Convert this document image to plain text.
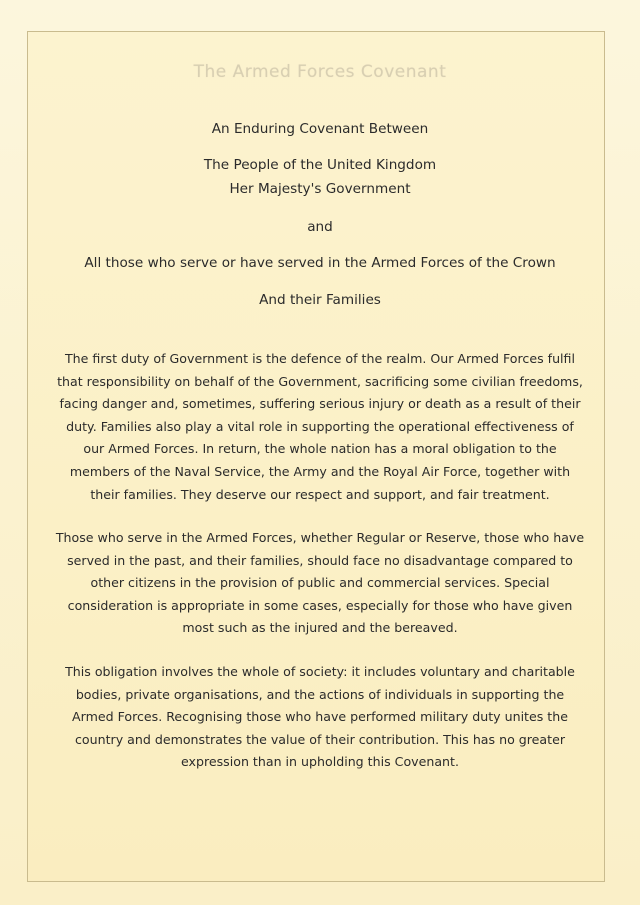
The Armed Forces Covenant
An Enduring Covenant Between
The People of the United Kingdom
Her Majesty's Government
and
All those who serve or have served in the Armed Forces of the Crown
And their Families
The first duty of Government is the defence of the realm. Our Armed Forces fulfil that responsibility on behalf of the Government, sacrificing some civilian freedoms, facing danger and, sometimes, suffering serious injury or death as a result of their duty. Families also play a vital role in supporting the operational effectiveness of our Armed Forces. In return, the whole nation has a moral obligation to the members of the Naval Service, the Army and the Royal Air Force, together with their families. They deserve our respect and support, and fair treatment.
Those who serve in the Armed Forces, whether Regular or Reserve, those who have served in the past, and their families, should face no disadvantage compared to other citizens in the provision of public and commercial services. Special consideration is appropriate in some cases, especially for those who have given most such as the injured and the bereaved.
This obligation involves the whole of society: it includes voluntary and charitable bodies, private organisations, and the actions of individuals in supporting the Armed Forces. Recognising those who have performed military duty unites the country and demonstrates the value of their contribution. This has no greater expression than in upholding this Covenant.
